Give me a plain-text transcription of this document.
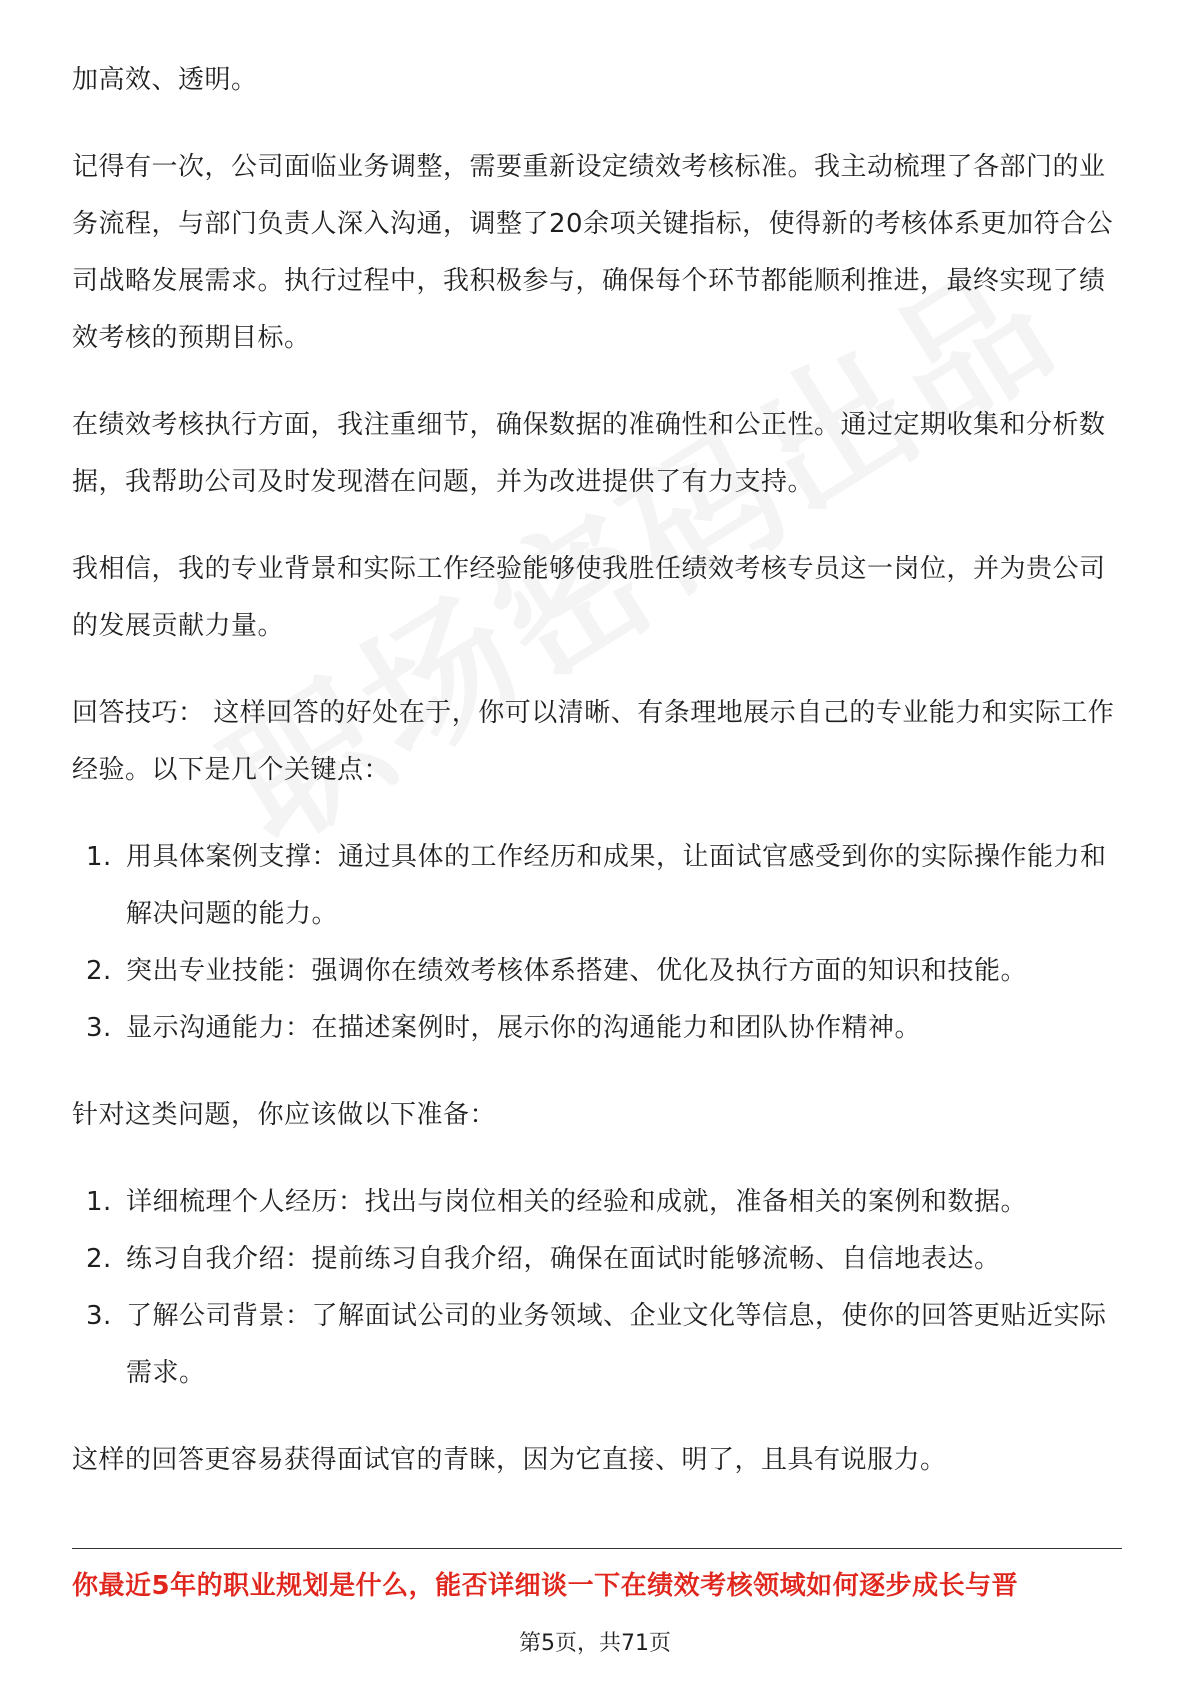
加高效、透明。

记得有一次，公司面临业务调整，需要重新设定绩效考核标准。我主动梳理了各部门的业务流程，与部门负责人深入沟通，调整了20余项关键指标，使得新的考核体系更加符合公司战略发展需求。执行过程中，我积极参与，确保每个环节都能顺利推进，最终实现了绩效考核的预期目标。

在绩效考核执行方面，我注重细节，确保数据的准确性和公正性。通过定期收集和分析数据，我帮助公司及时发现潜在问题，并为改进提供了有力支持。

我相信，我的专业背景和实际工作经验能够使我胜任绩效考核专员这一岗位，并为贵公司的发展贡献力量。

回答技巧： 这样回答的好处在于，你可以清晰、有条理地展示自己的专业能力和实际工作经验。以下是几个关键点：

1. 用具体案例支撑：通过具体的工作经历和成果，让面试官感受到你的实际操作能力和解决问题的能力。
2. 突出专业技能：强调你在绩效考核体系搭建、优化及执行方面的知识和技能。
3. 显示沟通能力：在描述案例时，展示你的沟通能力和团队协作精神。

针对这类问题，你应该做以下准备：

1. 详细梳理个人经历：找出与岗位相关的经验和成就，准备相关的案例和数据。
2. 练习自我介绍：提前练习自我介绍，确保在面试时能够流畅、自信地表达。
3. 了解公司背景：了解面试公司的业务领域、企业文化等信息，使你的回答更贴近实际需求。

这样的回答更容易获得面试官的青睐，因为它直接、明了，且具有说服力。

你最近5年的职业规划是什么，能否详细谈一下在绩效考核领域如何逐步成长与晋
第5页，共71页
